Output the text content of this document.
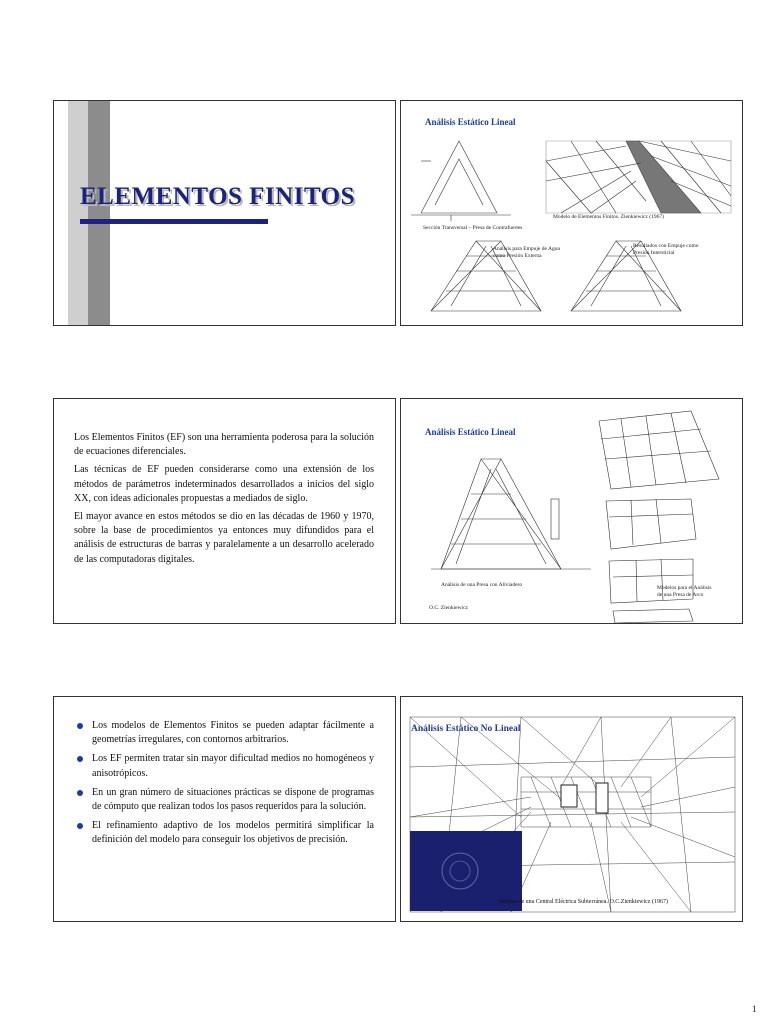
ELEMENTOS FINITOS
Análisis Estático Lineal
Sección Transversal – Presa de Contrafuertes
Modelo de Elementos Finitos. Zienkiewicz (1967)
Análisis para Empuje de Agua como Presión Externa
Resultados con Empuje como Presión Intersticial

Los Elementos Finitos (EF) son una herramienta poderosa para la solución de ecuaciones diferenciales.

Las técnicas de EF pueden considerarse como una extensión de los métodos de parámetros indeterminados desarrollados a inicios del siglo XX, con ideas adicionales propuestas a mediados de siglo.

El mayor avance en estos métodos se dio en las décadas de 1960 y 1970, sobre la base de procedimientos ya entonces muy difundidos para el análisis de estructuras de barras y paralelamente a un desarrollo acelerado de las computadoras digitales.

Análisis Estático Lineal
Análisis de una Presa con Aliviadero
O.C. Zienkiewicz
Modelos para el Análisis de una Presa de Arco
Los modelos de Elementos Finitos se pueden adaptar fácilmente a geometrías irregulares, con contornos arbitrarios.
Los EF permiten tratar sin mayor dificultad medios no homogéneos y anisotrópicos.
En un gran número de situaciones prácticas se dispone de programas de cómputo que realizan todos los pasos requeridos para la solución.
El refinamiento adaptivo de los modelos permitirá simplificar la definición del modelo para conseguir los objetivos de precisión.
Análisis Estático No Lineal
Sistema de una Central Eléctrica Subterránea. O.C.Zienkiewicz (1967)
1
